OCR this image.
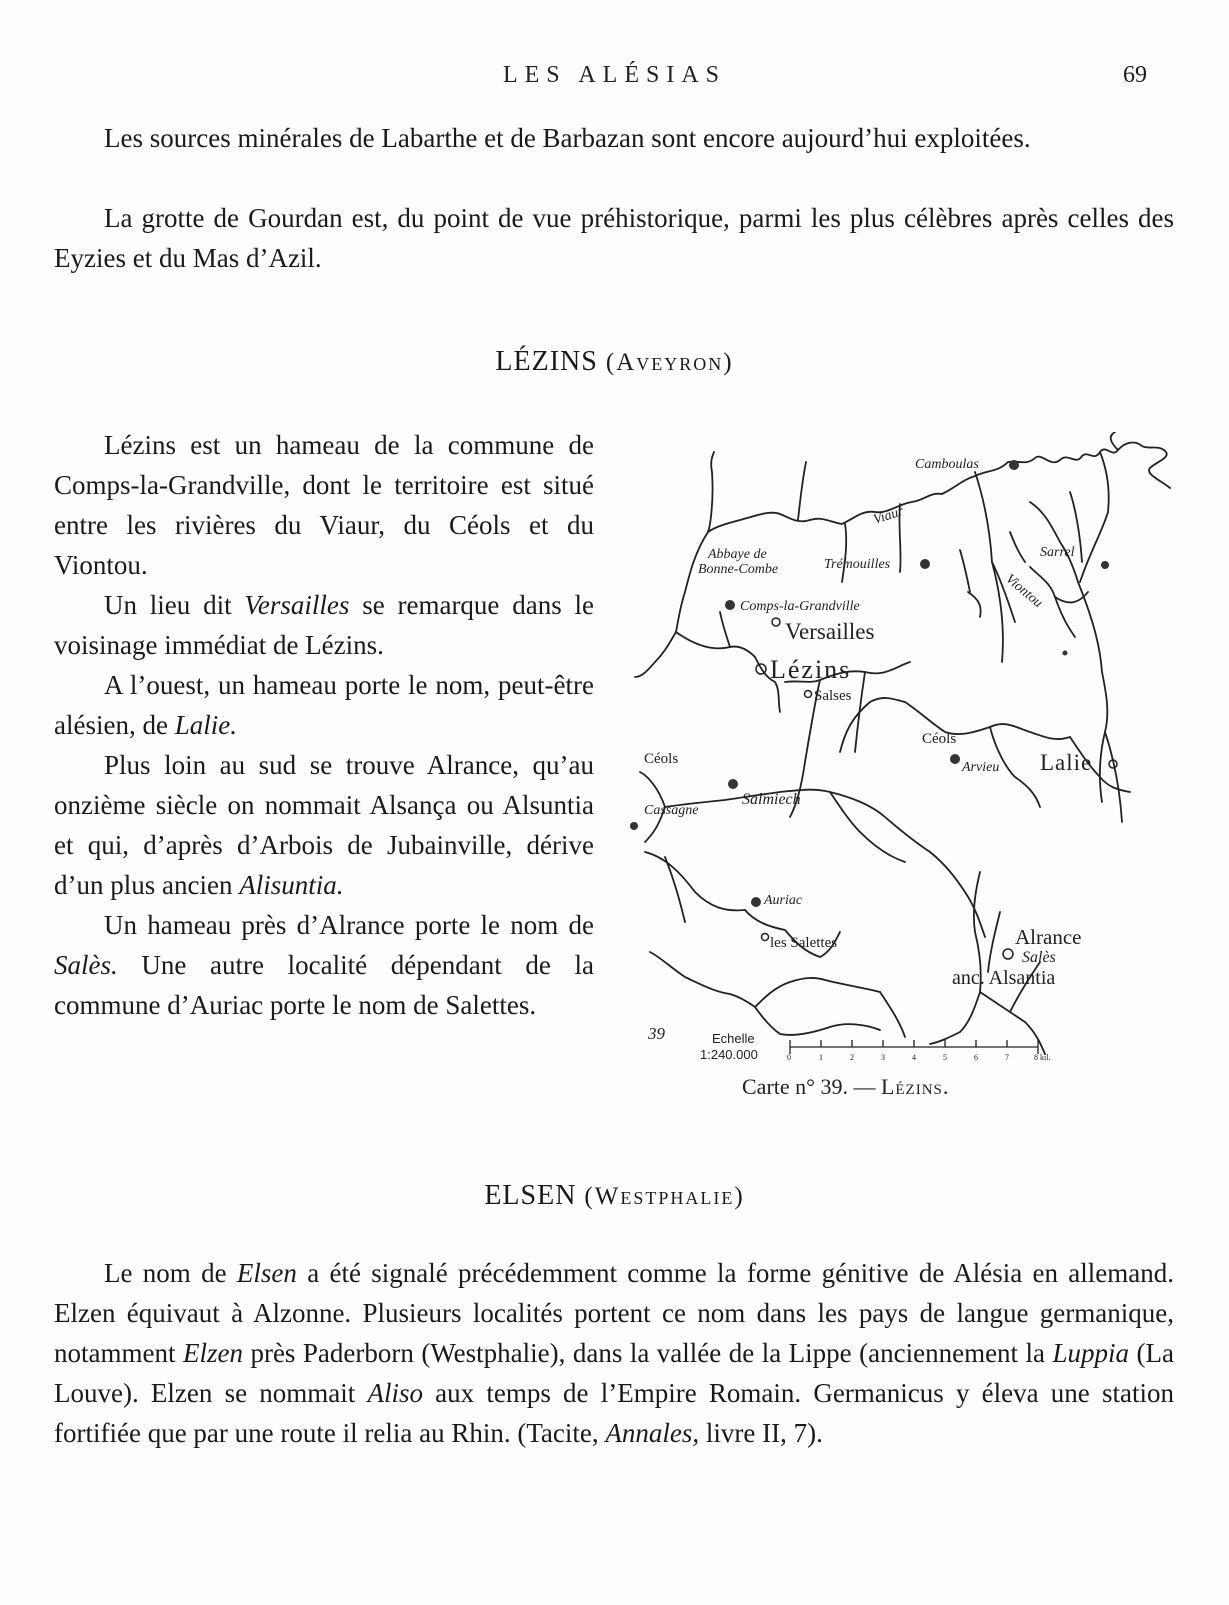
LES ALÉSIAS	69

Les sources minérales de Labarthe et de Barbazan sont encore aujourd’hui exploitées.

La grotte de Gourdan est, du point de vue préhistorique, parmi les plus célèbres après celles des Eyzies et du Mas d’Azil.

LÉZINS (Aveyron)

Lézins est un hameau de la commune de Comps-la-Grandville, dont le territoire est situé entre les rivières du Viaur, du Céols et du Viontou.

Un lieu dit Versailles se remarque dans le voisinage immédiat de Lézins.

A l’ouest, un hameau porte le nom, peut-être alésien, de Lalie.

Plus loin au sud se trouve Alrance, qu’au onzième siècle on nommait Alsança ou Alsuntia et qui, d’après d’Arbois de Jubainville, dérive d’un plus ancien Alisuntia.

Un hameau près d’Alrance porte le nom de Salès. Une autre localité dépendant de la commune d’Auriac porte le nom de Salettes.

Camboulas
Viaur
Abbaye de
Bonne-Combe	Trémouilles
Sarrel
Viontou
Comps-la-Grandville
Versailles
Lézins
Salses
Céols
Arvieu Lalie
Céols
Cassagne
Salmiech
Auriac
les Salettes	Alrance
Salès
anc. Alsantia
39	Echelle
1:240.000	0	1	2	3	4	5	6	7	8 kil.
Carte n° 39. — Lézins.
ELSEN (Westphalie)

Le nom de Elsen a été signalé précédemment comme la forme génitive de Alésia en allemand. Elzen équivaut à Alzonne. Plusieurs localités portent ce nom dans les pays de langue germanique, notamment Elzen près Paderborn (Westphalie), dans la vallée de la Lippe (anciennement la Luppia (La Louve). Elzen se nommait Aliso aux temps de l’Empire Romain. Germanicus y éleva une station fortifiée que par une route il relia au Rhin. (Tacite, Annales, livre II, 7).
